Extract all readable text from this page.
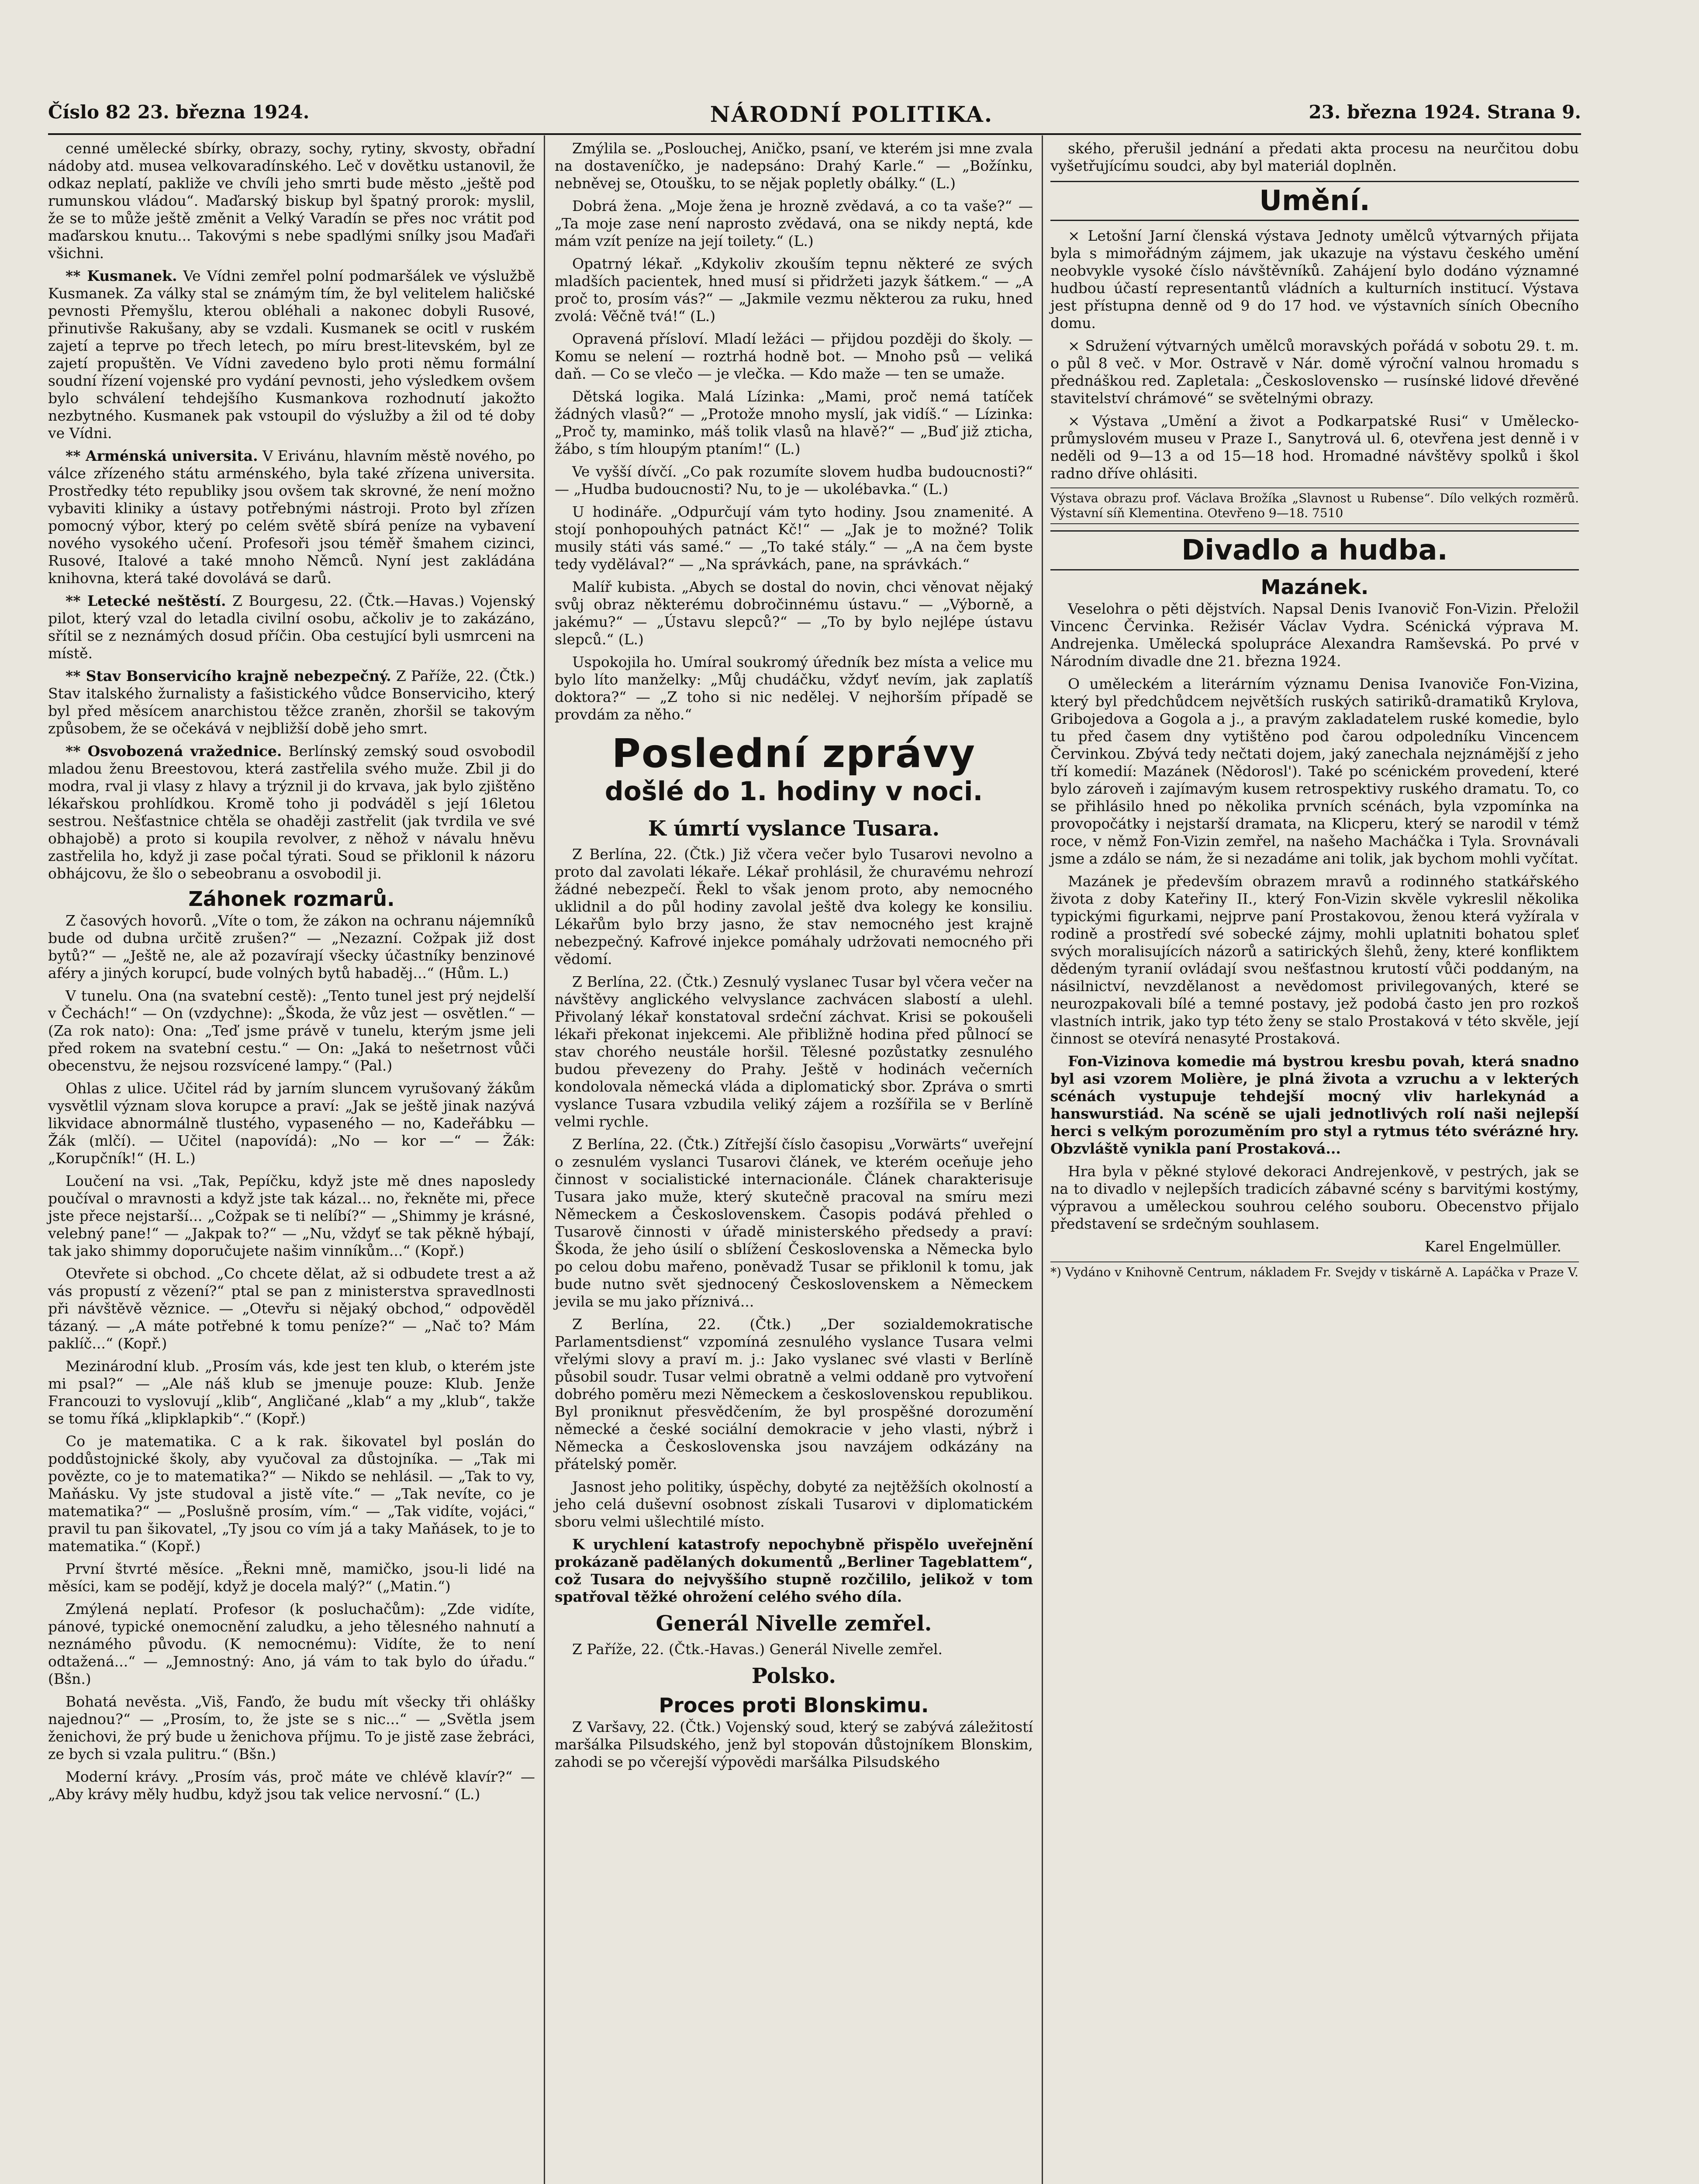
Číslo 82 23. března 1924.	NÁRODNÍ POLITIKA.	23. března 1924. Strana 9.

cenné umělecké sbírky, obrazy, sochy, rytiny, skvosty, obřadní nádoby atd. musea velkovaradínského. Leč v dovětku ustanovil, že odkaz neplatí, pakliže ve chvíli jeho smrti bude město „ještě pod rumunskou vládou“. Maďarský biskup byl špatný prorok: myslil, že se to může ještě změnit a Velký Varadín se přes noc vrátit pod maďarskou knutu... Takovými s nebe spadlými snílky jsou Maďaři všichni.

** Kusmanek. Ve Vídni zemřel polní podmaršálek ve výslužbě Kusmanek. Za války stal se známým tím, že byl velitelem haličské pevnosti Přemyšlu, kterou obléhali a nakonec dobyli Rusové, přinutivše Rakušany, aby se vzdali. Kusmanek se ocitl v ruském zajetí a teprve po třech letech, po míru brest-litevském, byl ze zajetí propuštěn. Ve Vídni zavedeno bylo proti němu formální soudní řízení vojenské pro vydání pevnosti, jeho výsledkem ovšem bylo schválení tehdejšího Kusmankova rozhodnutí jakožto nezbytného. Kusmanek pak vstoupil do výslužby a žil od té doby ve Vídni.

** Arménská universita. V Erivánu, hlavním městě nového, po válce zřízeného státu arménského, byla také zřízena universita. Prostředky této republiky jsou ovšem tak skrovné, že není možno vybaviti kliniky a ústavy potřebnými nástroji. Proto byl zřízen pomocný výbor, který po celém světě sbírá peníze na vybavení nového vysokého učení. Profesoři jsou téměř šmahem cizinci, Rusové, Italové a také mnoho Němců. Nyní jest zakládána knihovna, která také dovolává se darů.

** Letecké neštěstí. Z Bourgesu, 22. (Čtk.—Havas.) Vojenský pilot, který vzal do letadla civilní osobu, ačkoliv je to zakázáno, sřítil se z neznámých dosud příčin. Oba cestující byli usmrceni na místě.

** Stav Bonservicího krajně nebezpečný. Z Paříže, 22. (Čtk.) Stav italského žurnalisty a fašistického vůdce Bonserviciho, který byl před měsícem anarchistou těžce zraněn, zhoršil se takovým způsobem, že se očekává v nejbližší době jeho smrt.

** Osvobozená vražednice. Berlínský zemský soud osvobodil mladou ženu Breestovou, která zastřelila svého muže. Zbil ji do modra, rval ji vlasy z hlavy a trýznil ji do krvava, jak bylo zjištěno lékařskou prohlídkou. Kromě toho ji podváděl s její 16letou sestrou. Nešťastnice chtěla se ohaději zastřelit (jak tvrdila ve své obhajobě) a proto si koupila revolver, z něhož v návalu hněvu zastřelila ho, když ji zase počal týrati. Soud se přiklonil k názoru obhájcovu, že šlo o sebeobranu a osvobodil ji.

Záhonek rozmarů.

Z časových hovorů. „Víte o tom, že zákon na ochranu nájemníků bude od dubna určitě zrušen?“ — „Nezazní. Cožpak již dost bytů?“ — „Ještě ne, ale až pozavírají všecky účastníky benzinové aféry a jiných korupcí, bude volných bytů habaděj...“ (Hům. L.)

V tunelu. Ona (na svatební cestě): „Tento tunel jest prý nejdelší v Čechách!“ — On (vzdychne): „Škoda, že vůz jest — osvětlen.“ — (Za rok nato): Ona: „Teď jsme právě v tunelu, kterým jsme jeli před rokem na svatební cestu.“ — On: „Jaká to nešetrnost vůči obecenstvu, že nejsou rozsvícené lampy.“ (Pal.)

Ohlas z ulice. Učitel rád by jarním sluncem vyrušovaný žákům vysvětlil význam slova korupce a praví: „Jak se ještě jinak nazývá likvidace abnormálně tlustého, vypaseného — no, Kadeřábku — Žák (mlčí). — Učitel (napovídá): „No — kor —“ — Žák: „Korupčník!“ (H. L.)

Loučení na vsi. „Tak, Pepíčku, když jste mě dnes naposledy poučíval o mravnosti a když jste tak kázal... no, řekněte mi, přece jste přece nejstarší... „Cožpak se ti nelíbí?“ — „Shimmy je krásné, velebný pane!“ — „Jakpak to?“ — „Nu, vždyť se tak pěkně hýbají, tak jako shimmy doporučujete našim vinníkům...“ (Kopř.)

Otevřete si obchod. „Co chcete dělat, až si odbudete trest a až vás propustí z vězení?“ ptal se pan z ministerstva spravedlnosti při návštěvě věznice. — „Otevřu si nějaký obchod,“ odpověděl tázaný. — „A máte potřebné k tomu peníze?“ — „Nač to? Mám paklíč...“ (Kopř.)

Mezinárodní klub. „Prosím vás, kde jest ten klub, o kterém jste mi psal?“ — „Ale náš klub se jmenuje pouze: Klub. Jenže Francouzi to vyslovují „klib“, Angličané „klab“ a my „klub“, takže se tomu říká „klipklapkib“.“ (Kopř.)

Co je matematika. C a k rak. šikovatel byl poslán do poddůstojnické školy, aby vyučoval za důstojníka. — „Tak mi povězte, co je to matematika?“ — Nikdo se nehlásil. — „Tak to vy, Maňásku. Vy jste studoval a jistě víte.“ — „Tak nevíte, co je matematika?“ — „Poslušně prosím, vím.“ — „Tak vidíte, vojáci,“ pravil tu pan šikovatel, „Ty jsou co vím já a taky Maňásek, to je to matematika.“ (Kopř.)

První štvrté měsíce. „Řekni mně, mamičko, jsou-li lidé na měsíci, kam se podějí, když je docela malý?“ („Matin.“)

Zmýlená neplatí. Profesor (k posluchačům): „Zde vidíte, pánové, typické onemocnění zaludku, a jeho tělesného nahnutí a neznámého původu. (K nemocnému): Vidíte, že to není odtažená...“ — „Jemnostný: Ano, já vám to tak bylo do úřadu.“ (Bšn.)

Bohatá nevěsta. „Viš, Fanďo, že budu mít všecky tři ohlášky najednou?“ — „Prosím, to, že jste se s nic...“ — „Světla jsem ženichovi, že prý bude u ženichova příjmu. To je jistě zase žebráci, ze bych si vzala pulitru.“ (Bšn.)

Moderní krávy. „Prosím vás, proč máte ve chlévě klavír?“ — „Aby krávy měly hudbu, když jsou tak velice nervosní.“ (L.)

Zmýlila se. „Poslouchej, Aničko, psaní, ve kterém jsi mne zvala na dostaveníčko, je nadepsáno: Drahý Karle.“ — „Božínku, nebněvej se, Otoušku, to se nějak popletly obálky.“ (L.)

Dobrá žena. „Moje žena je hrozně zvědavá, a co ta vaše?“ — „Ta moje zase není naprosto zvědavá, ona se nikdy neptá, kde mám vzít peníze na její toilety.“ (L.)

Opatrný lékař. „Kdykoliv zkouším tepnu některé ze svých mladších pacientek, hned musí si přidržeti jazyk šátkem.“ — „A proč to, prosím vás?“ — „Jakmile vezmu některou za ruku, hned zvolá: Věčně tvá!“ (L.)

Opravená přísloví. Mladí ležáci — přijdou později do školy. — Komu se nelení — roztrhá hodně bot. — Mnoho psů — veliká daň. — Co se vlečo — je vlečka. — Kdo maže — ten se umaže.

Dětská logika. Malá Lízinka: „Mami, proč nemá tatíček žádných vlasů?“ — „Protože mnoho myslí, jak vidíš.“ — Lízinka: „Proč ty, maminko, máš tolik vlasů na hlavě?“ — „Buď již zticha, žábo, s tím hloupým ptaním!“ (L.)

Ve vyšší dívčí. „Co pak rozumíte slovem hudba budoucnosti?“ — „Hudba budoucnosti? Nu, to je — ukolébavka.“ (L.)

U hodináře. „Odpurčují vám tyto hodiny. Jsou znamenité. A stojí ponhopouhých patnáct Kč!“ — „Jak je to možné? Tolik musily státi vás samé.“ — „To také stály.“ — „A na čem byste tedy vydělával?“ — „Na správkách, pane, na správkách.“

Malíř kubista. „Abych se dostal do novin, chci věnovat nějaký svůj obraz některému dobročinnému ústavu.“ — „Výborně, a jakému?“ — „Ústavu slepců?“ — „To by bylo nejlépe ústavu slepců.“ (L.)

Uspokojila ho. Umíral soukromý úředník bez místa a velice mu bylo líto manželky: „Můj chudáčku, vždyť nevím, jak zaplatíš doktora?“ — „Z toho si nic nedělej. V nejhorším případě se provdám za něho.“

Poslední zprávy
došlé do 1. hodiny v noci.
K úmrtí vyslance Tusara.

Z Berlína, 22. (Čtk.) Již včera večer bylo Tusarovi nevolno a proto dal zavolati lékaře. Lékař prohlásil, že churavému nehrozí žádné nebezpečí. Řekl to však jenom proto, aby nemocného uklidnil a do půl hodiny zavolal ještě dva kolegy ke konsiliu. Lékařům bylo brzy jasno, že stav nemocného jest krajně nebezpečný. Kafrové injekce pomáhaly udržovati nemocného při vědomí.

Z Berlína, 22. (Čtk.) Zesnulý vyslanec Tusar byl včera večer na návštěvy anglického velvyslance zachvácen slabostí a ulehl. Přivolaný lékař konstatoval srdeční záchvat. Krisi se pokoušeli lékaři překonat injekcemi. Ale přibližně hodina před půlnocí se stav chorého neustále horšil. Tělesné pozůstatky zesnulého budou převezeny do Prahy. Ještě v hodinách večerních kondolovala německá vláda a diplomatický sbor. Zpráva o smrti vyslance Tusara vzbudila veliký zájem a rozšířila se v Berlíně velmi rychle.

Z Berlína, 22. (Čtk.) Zítřejší číslo časopisu „Vorwärts“ uveřejní o zesnulém vyslanci Tusarovi článek, ve kterém oceňuje jeho činnost v socialistické internacionále. Článek charakterisuje Tusara jako muže, který skutečně pracoval na smíru mezi Německem a Československem. Časopis podává přehled o Tusarově činnosti v úřadě ministerského předsedy a praví: Škoda, že jeho úsilí o sblížení Československa a Německa bylo po celou dobu mařeno, poněvadž Tusar se přiklonil k tomu, jak bude nutno svět sjednocený Československem a Německem jevila se mu jako příznivá...

Z Berlína, 22. (Čtk.) „Der sozialdemokratische Parlamentsdienst“ vzpomíná zesnulého vyslance Tusara velmi vřelými slovy a praví m. j.: Jako vyslanec své vlasti v Berlíně působil soudr. Tusar velmi obratně a velmi oddaně pro vytvoření dobrého poměru mezi Německem a československou republikou. Byl proniknut přesvědčením, že byl prospěšné dorozumění německé a české sociální demokracie v jeho vlasti, nýbrž i Německa a Československa jsou navzájem odkázány na přátelský poměr.

Jasnost jeho politiky, úspěchy, dobyté za nejtěžších okolností a jeho celá duševní osobnost získali Tusarovi v diplomatickém sboru velmi ušlechtilé místo.

K urychlení katastrofy nepochybně přispělo uveřejnění prokázaně padělaných dokumentů „Berliner Tageblattem“, což Tusara do nejvyššího stupně rozčililo, jelikož v tom spatřoval těžké ohrožení celého svého díla.

Generál Nivelle zemřel.

Z Paříže, 22. (Čtk.-Havas.) Generál Nivelle zemřel.

Polsko.
Proces proti Blonskimu.

Z Varšavy, 22. (Čtk.) Vojenský soud, který se zabývá záležitostí maršálka Pilsudského, jenž byl stopován důstojníkem Blonskim, zahodi se po včerejší výpovědi maršálka Pilsudského

ského, přerušil jednání a předati akta procesu na neurčitou dobu vyšetřujícímu soudci, aby byl materiál doplněn.

Umění.

× Letošní Jarní členská výstava Jednoty umělců výtvarných přijata byla s mimořádným zájmem, jak ukazuje na výstavu českého umění neobvykle vysoké číslo návštěvníků. Zahájení bylo dodáno významné hudbou účastí representantů vládních a kulturních institucí. Výstava jest přístupna denně od 9 do 17 hod. ve výstavních síních Obecního domu.

× Sdružení výtvarných umělců moravských pořádá v sobotu 29. t. m. o půl 8 več. v Mor. Ostravě v Nár. domě výroční valnou hromadu s přednáškou red. Zapletala: „Československo — rusínské lidové dřevěné stavitelství chrámové“ se světelnými obrazy.

× Výstava „Umění a život a Podkarpatské Rusi“ v Umělecko-průmyslovém museu v Praze I., Sanytrová ul. 6, otevřena jest denně i v neděli od 9—13 a od 15—18 hod. Hromadné návštěvy spolků i škol radno dříve ohlásiti.

Výstava obrazu prof. Václava Brožíka „Slavnost u Rubense“. Dílo velkých rozměrů. Výstavní síň Klementina. Otevřeno 9—18. 7510
Divadlo a hudba.
Mazánek.

Veselohra o pěti dějstvích. Napsal Denis Ivanovič Fon-Vizin. Přeložil Vincenc Červinka. Režisér Václav Vydra. Scénická výprava M. Andrejenka. Umělecká spolupráce Alexandra Ramševská. Po prvé v Národním divadle dne 21. března 1924.

O uměleckém a literárním významu Denisa Ivanoviče Fon-Vizina, který byl předchůdcem největších ruských satiriků-dramatiků Krylova, Gribojedova a Gogola a j., a pravým zakladatelem ruské komedie, bylo tu před časem dny vytištěno pod čarou odpoledníku Vincencem Červinkou. Zbývá tedy nečtati dojem, jaký zanechala nejznámější z jeho tří komedií: Mazánek (Nědorosl'). Také po scénickém provedení, které bylo zároveň i zajímavým kusem retrospektivy ruského dramatu. To, co se přihlásilo hned po několika prvních scénách, byla vzpomínka na provopočátky i nejstarší dramata, na Klicperu, který se narodil v témž roce, v němž Fon-Vizin zemřel, na našeho Macháčka i Tyla. Srovnávali jsme a zdálo se nám, že si nezadáme ani tolik, jak bychom mohli vyčítat.

Mazánek je především obrazem mravů a rodinného statkářského života z doby Kateřiny II., který Fon-Vizin skvěle vykreslil několika typickými figurkami, nejprve paní Prostakovou, ženou která vyžírala v rodině a prostředí své sobecké zájmy, mohli uplatniti bohatou spleť svých moralisujících názorů a satirických šlehů, ženy, které konfliktem dědeným tyranií ovládají svou nešťastnou krutostí vůči poddaným, na násilnictví, nevzdělanost a nevědomost privilegovaných, které se neurozpakovali bílé a temné postavy, jež podobá často jen pro rozkoš vlastních intrik, jako typ této ženy se stalo Prostaková v této skvěle, její činnost se otevírá nenasyté Prostaková.

Fon-Vizinova komedie má bystrou kresbu povah, která snadno byl asi vzorem Molière, je plná života a vzruchu a v lekterých scénách vystupuje tehdejší mocný vliv harlekynád a hanswurstiád. Na scéně se ujali jednotlivých rolí naši nejlepší herci s velkým porozuměním pro styl a rytmus této svérázné hry. Obzvláště vynikla paní Prostaková...

Hra byla v pěkné stylové dekoraci Andrejenkově, v pestrých, jak se na to divadlo v nejlepších tradicích zábavné scény s barvitými kostýmy, výpravou a uměleckou souhrou celého souboru. Obecenstvo přijalo představení se srdečným souhlasem.

Karel Engelmüller.

*) Vydáno v Knihovně Centrum, nákladem Fr. Svejdy v tiskárně A. Lapáčka v Praze V.
